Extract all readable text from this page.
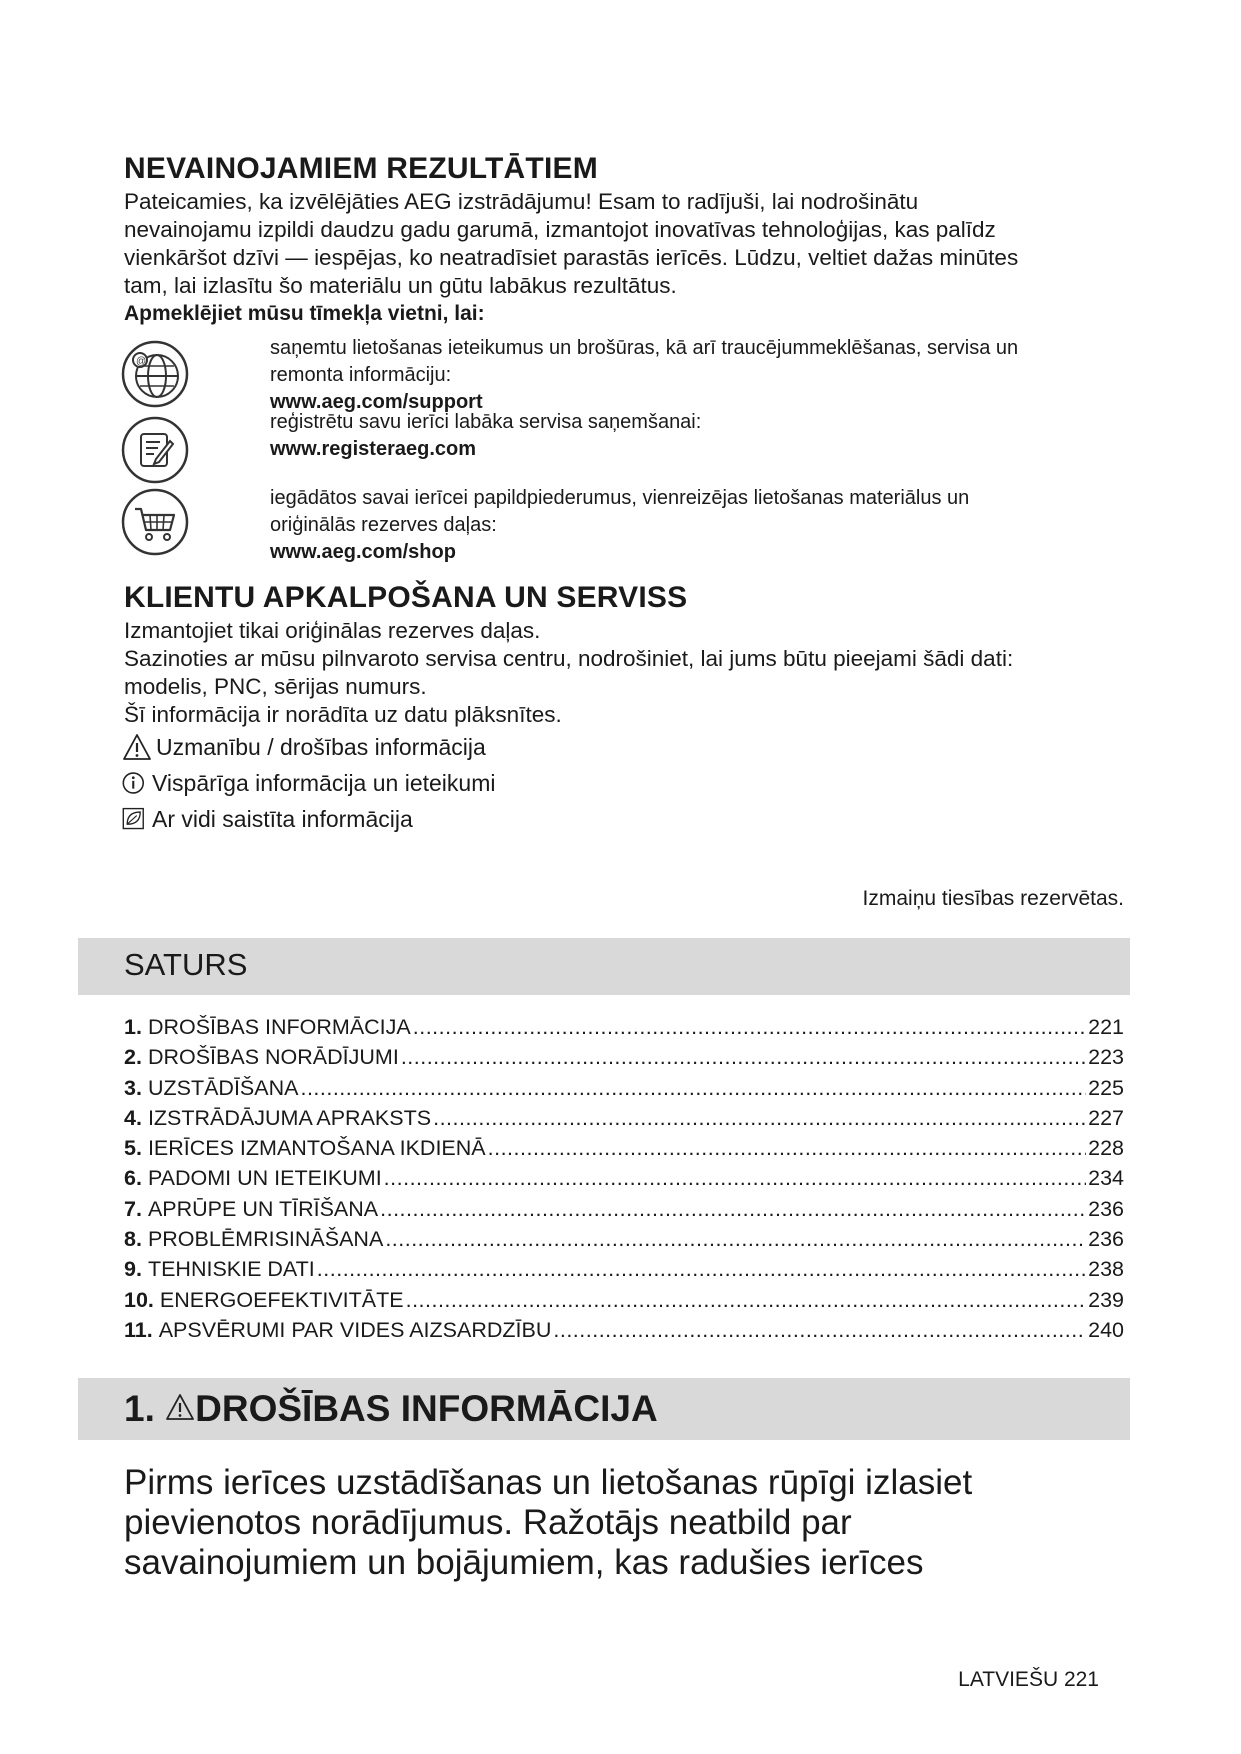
NEVAINOJAMIEM REZULTĀTIEM
Pateicamies, ka izvēlējāties AEG izstrādājumu! Esam to radījuši, lai nodrošinātu
nevainojamu izpildi daudzu gadu garumā, izmantojot inovatīvas tehnoloģijas, kas palīdz
vienkāršot dzīvi — iespējas, ko neatradīsiet parastās ierīcēs. Lūdzu, veltiet dažas minūtes
tam, lai izlasītu šo materiālu un gūtu labākus rezultātus.
Apmeklējiet mūsu tīmekļa vietni, lai:
@
saņemtu lietošanas ieteikumus un brošūras, kā arī traucējummeklēšanas, servisa un
remonta informāciju:
www.aeg.com/support
reģistrētu savu ierīci labāka servisa saņemšanai:
www.registeraeg.com
iegādātos savai ierīcei papildpiederumus, vienreizējas lietošanas materiālus un
oriģinālās rezerves daļas:
www.aeg.com/shop
KLIENTU APKALPOŠANA UN SERVISS
Izmantojiet tikai oriģinālas rezerves daļas.
Sazinoties ar mūsu pilnvaroto servisa centru, nodrošiniet, lai jums būtu pieejami šādi dati:
modelis, PNC, sērijas numurs.
Šī informācija ir norādīta uz datu plāksnītes.
Uzmanību / drošības informācija
Vispārīga informācija un ieteikumi
Ar vidi saistīta informācija
Izmaiņu tiesības rezervētas.
SATURS
1. DROŠĪBAS INFORMĀCIJA .....	221
2. DROŠĪBAS NORĀDĪJUMI .....	223
3. UZSTĀDĪŠANA .....	225
4. IZSTRĀDĀJUMA APRAKSTS .....	227
5. IERĪCES IZMANTOŠANA IKDIENĀ .....	228
6. PADOMI UN IETEIKUMI .....	234
7. APRŪPE UN TĪRĪŠANA .....	236
8. PROBLĒMRISINĀŠANA .....	236
9. TEHNISKIE DATI .....	238
10. ENERGOEFEKTIVITĀTE .....	239
11. APSVĒRUMI PAR VIDES AIZSARDZĪBU .....	240
1. DROŠĪBAS INFORMĀCIJA
Pirms ierīces uzstādīšanas un lietošanas rūpīgi izlasiet
pievienotos norādījumus. Ražotājs neatbild par
savainojumiem un bojājumiem, kas radušies ierīces
LATVIEŠU 221
